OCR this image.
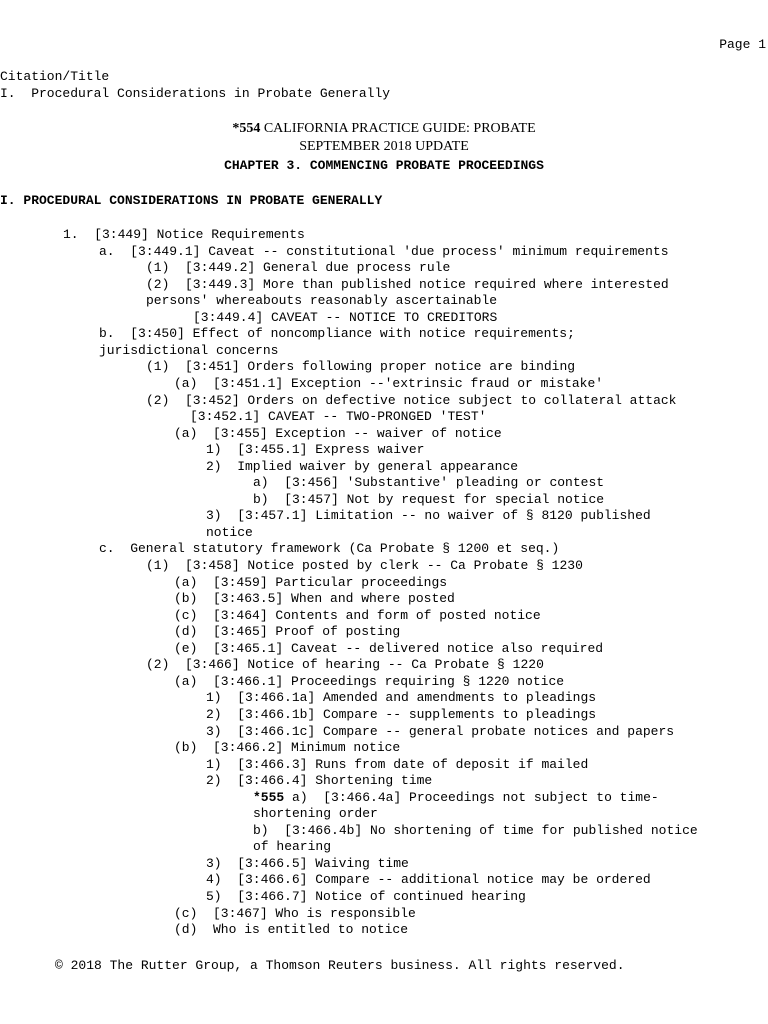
Page 1
Citation/Title
I.  Procedural Considerations in Probate Generally
*554 CALIFORNIA PRACTICE GUIDE: PROBATE
SEPTEMBER 2018 UPDATE
CHAPTER 3. COMMENCING PROBATE PROCEEDINGS
I. PROCEDURAL CONSIDERATIONS IN PROBATE GENERALLY
1.  [3:449] Notice Requirements
a.  [3:449.1] Caveat -- constitutional 'due process' minimum requirements
(1)  [3:449.2] General due process rule
(2)  [3:449.3] More than published notice required where interested
persons' whereabouts reasonably ascertainable
[3:449.4] CAVEAT -- NOTICE TO CREDITORS
b.  [3:450] Effect of noncompliance with notice requirements;
jurisdictional concerns
(1)  [3:451] Orders following proper notice are binding
(a)  [3:451.1] Exception --'extrinsic fraud or mistake'
(2)  [3:452] Orders on defective notice subject to collateral attack
[3:452.1] CAVEAT -- TWO-PRONGED 'TEST'
(a)  [3:455] Exception -- waiver of notice
1)  [3:455.1] Express waiver
2)  Implied waiver by general appearance
a)  [3:456] 'Substantive' pleading or contest
b)  [3:457] Not by request for special notice
3)  [3:457.1] Limitation -- no waiver of § 8120 published
notice
c.  General statutory framework (Ca Probate § 1200 et seq.)
(1)  [3:458] Notice posted by clerk -- Ca Probate § 1230
(a)  [3:459] Particular proceedings
(b)  [3:463.5] When and where posted
(c)  [3:464] Contents and form of posted notice
(d)  [3:465] Proof of posting
(e)  [3:465.1] Caveat -- delivered notice also required
(2)  [3:466] Notice of hearing -- Ca Probate § 1220
(a)  [3:466.1] Proceedings requiring § 1220 notice
1)  [3:466.1a] Amended and amendments to pleadings
2)  [3:466.1b] Compare -- supplements to pleadings
3)  [3:466.1c] Compare -- general probate notices and papers
(b)  [3:466.2] Minimum notice
1)  [3:466.3] Runs from date of deposit if mailed
2)  [3:466.4] Shortening time
*555 a)  [3:466.4a] Proceedings not subject to time-
shortening order
b)  [3:466.4b] No shortening of time for published notice
of hearing
3)  [3:466.5] Waiving time
4)  [3:466.6] Compare -- additional notice may be ordered
5)  [3:466.7] Notice of continued hearing
(c)  [3:467] Who is responsible
(d)  Who is entitled to notice
© 2018 The Rutter Group, a Thomson Reuters business. All rights reserved.
